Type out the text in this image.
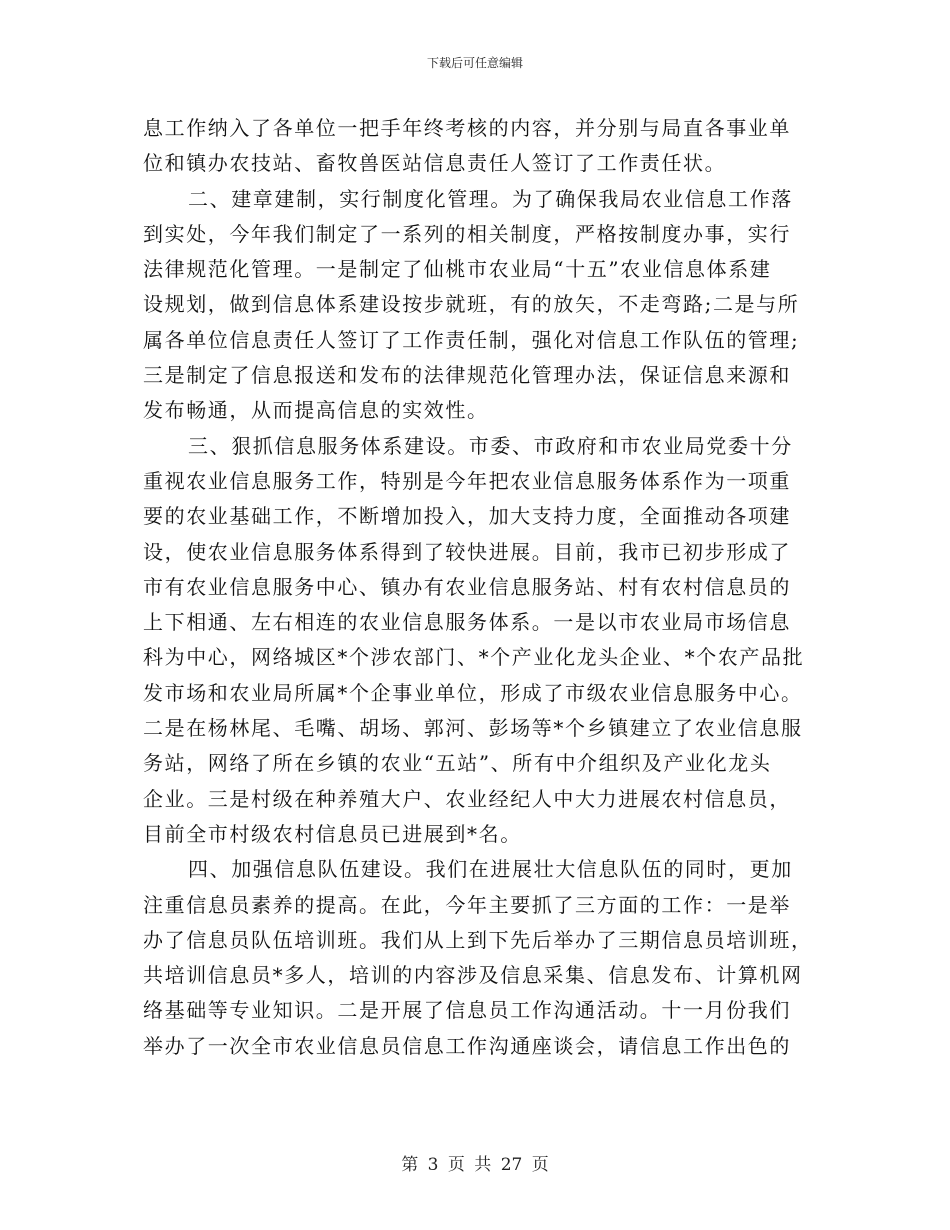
下载后可任意编辑
息工作纳入了各单位一把手年终考核的内容，并分别与局直各事业单
位和镇办农技站、畜牧兽医站信息责任人签订了工作责任状。
二、建章建制，实行制度化管理。为了确保我局农业信息工作落
到实处，今年我们制定了一系列的相关制度，严格按制度办事，实行
法律规范化管理。一是制定了仙桃市农业局“十五”农业信息体系建
设规划，做到信息体系建设按步就班，有的放矢，不走弯路;二是与所
属各单位信息责任人签订了工作责任制，强化对信息工作队伍的管理;
三是制定了信息报送和发布的法律规范化管理办法，保证信息来源和
发布畅通，从而提高信息的实效性。
三、狠抓信息服务体系建设。市委、市政府和市农业局党委十分
重视农业信息服务工作，特别是今年把农业信息服务体系作为一项重
要的农业基础工作，不断增加投入，加大支持力度，全面推动各项建
设，使农业信息服务体系得到了较快进展。目前，我市已初步形成了
市有农业信息服务中心、镇办有农业信息服务站、村有农村信息员的
上下相通、左右相连的农业信息服务体系。一是以市农业局市场信息
科为中心，网络城区*个涉农部门、*个产业化龙头企业、*个农产品批
发市场和农业局所属*个企事业单位，形成了市级农业信息服务中心。
二是在杨林尾、毛嘴、胡场、郭河、彭场等*个乡镇建立了农业信息服
务站，网络了所在乡镇的农业“五站”、所有中介组织及产业化龙头
企业。三是村级在种养殖大户、农业经纪人中大力进展农村信息员，
目前全市村级农村信息员已进展到*名。
四、加强信息队伍建设。我们在进展壮大信息队伍的同时，更加
注重信息员素养的提高。在此，今年主要抓了三方面的工作：一是举
办了信息员队伍培训班。我们从上到下先后举办了三期信息员培训班，
共培训信息员*多人，培训的内容涉及信息采集、信息发布、计算机网
络基础等专业知识。二是开展了信息员工作沟通活动。十一月份我们
举办了一次全市农业信息员信息工作沟通座谈会，请信息工作出色的
第 3 页 共 27 页
